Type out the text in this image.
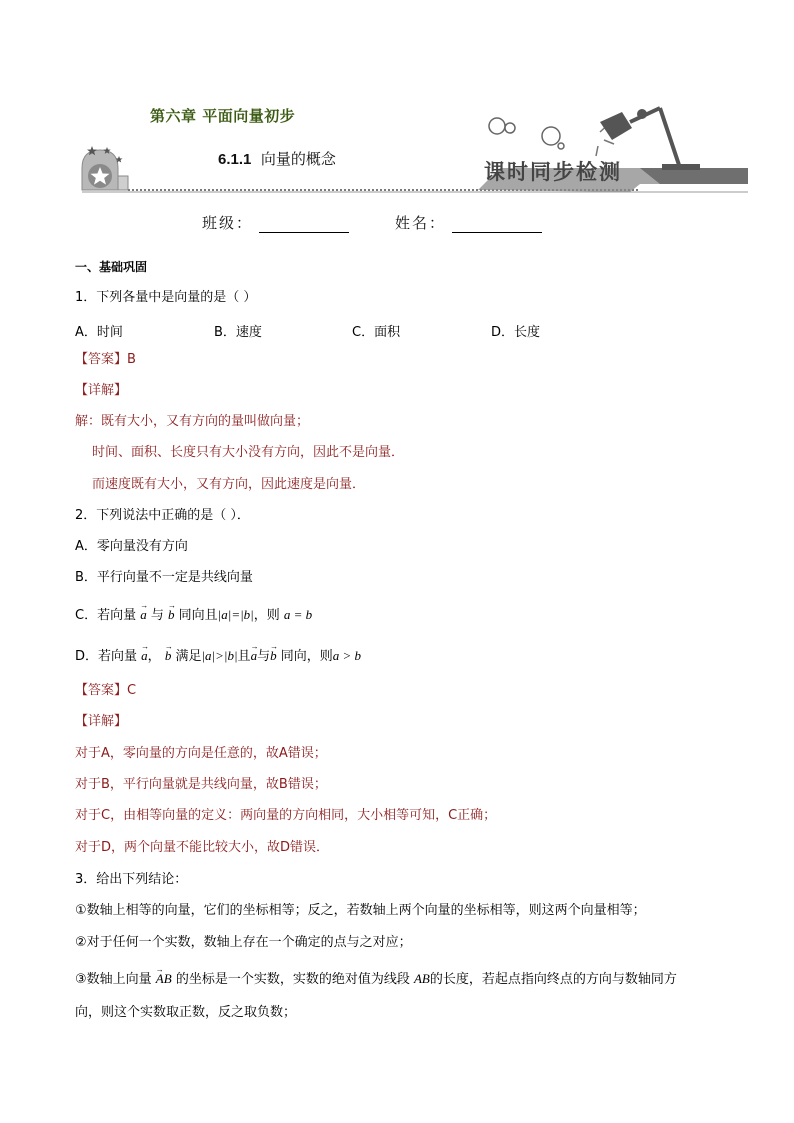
第六章 平面向量初步
6.1.1 向量的概念	课时同步检测
班级：	姓名：
一、基础巩固
1．下列各量中是向量的是（ ）
A．时间	B．速度	C．面积	D．长度
【答案】B
【详解】
解：既有大小，又有方向的量叫做向量；
时间、面积、长度只有大小没有方向，因此不是向量．
而速度既有大小，又有方向，因此速度是向量．
2．下列说法中正确的是（ ）．
A．零向量没有方向
B．平行向量不一定是共线向量
C．若向量 → a 与 → b 同向且|a|=|b|，则 a = b
D．若向量 → a， → b 满足|a|>|b|且→ a与→ b 同向，则a > b
【答案】C
【详解】
对于A，零向量的方向是任意的，故A错误；
对于B，平行向量就是共线向量，故B错误；
对于C，由相等向量的定义：两向量的方向相同，大小相等可知，C正确；
对于D，两个向量不能比较大小，故D错误．
3．给出下列结论：
①数轴上相等的向量，它们的坐标相等；反之，若数轴上两个向量的坐标相等，则这两个向量相等；
②对于任何一个实数，数轴上存在一个确定的点与之对应；
③数轴上向量 → AB 的坐标是一个实数，实数的绝对值为线段 AB的长度，若起点指向终点的方向与数轴同方
向，则这个实数取正数，反之取负数；
